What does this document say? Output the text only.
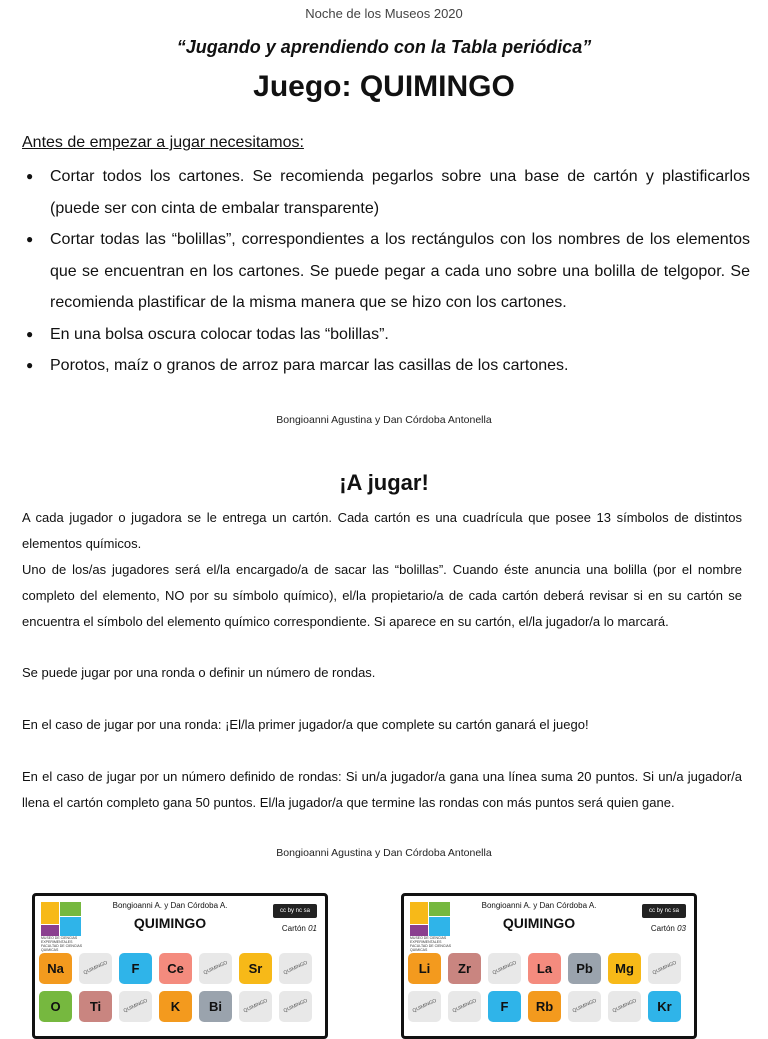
Noche de los Museos 2020
“Jugando y aprendiendo con la Tabla periódica”
Juego: QUIMINGO
Antes de empezar a jugar necesitamos:
● Cortar todos los cartones. Se recomienda pegarlos sobre una base de cartón y plastificarlos (puede ser con cinta de embalar transparente)
● Cortar todas las “bolillas”, correspondientes a los rectángulos con los nombres de los elementos que se encuentran en los cartones. Se puede pegar a cada uno sobre una bolilla de telgopor. Se recomienda plastificar de la misma manera que se hizo con los cartones.
● En una bolsa oscura colocar todas las “bolillas”.
● Porotos, maíz o granos de arroz para marcar las casillas de los cartones.
Bongioanni Agustina y Dan Córdoba Antonella
¡A jugar!
A cada jugador o jugadora se le entrega un cartón. Cada cartón es una cuadrícula que posee 13 símbolos de distintos elementos químicos.
Uno de los/as jugadores será el/la encargado/a de sacar las “bolillas”. Cuando éste anuncia una bolilla (por el nombre completo del elemento, NO por su símbolo químico), el/la propietario/a de cada cartón deberá revisar si en su cartón se encuentra el símbolo del elemento químico correspondiente. Si aparece en su cartón, el/la jugador/a lo marcará.
Se puede jugar por una ronda o definir un número de rondas.
En el caso de jugar por una ronda: ¡El/la primer jugador/a que complete su cartón ganará el juego!
En el caso de jugar por un número definido de rondas: Si un/a jugador/a gana una línea suma 20 puntos. Si un/a jugador/a llena el cartón completo gana 50 puntos. El/la jugador/a que termine las rondas con más puntos será quien gane.
Bongioanni Agustina y Dan Córdoba Antonella
MUSEO DE CIENCIAS EXPERIMENTALES FACULTAD DE CIENCIAS QUIMICAS
Bongioanni A. y Dan Córdoba A.
QUIMINGO
cc by nc sa
Cartón 01
Na	QUIMINGO	F	Ce	QUIMINGO	Sr	QUIMINGO
O	Ti	QUIMINGO	K	Bi	QUIMINGO	QUIMINGO
MUSEO DE CIENCIAS EXPERIMENTALES FACULTAD DE CIENCIAS QUIMICAS
Bongioanni A. y Dan Córdoba A.
QUIMINGO
cc by nc sa
Cartón 03
Li	Zr	QUIMINGO	La	Pb	Mg	QUIMINGO
QUIMINGO	QUIMINGO	F	Rb	QUIMINGO	QUIMINGO	Kr
